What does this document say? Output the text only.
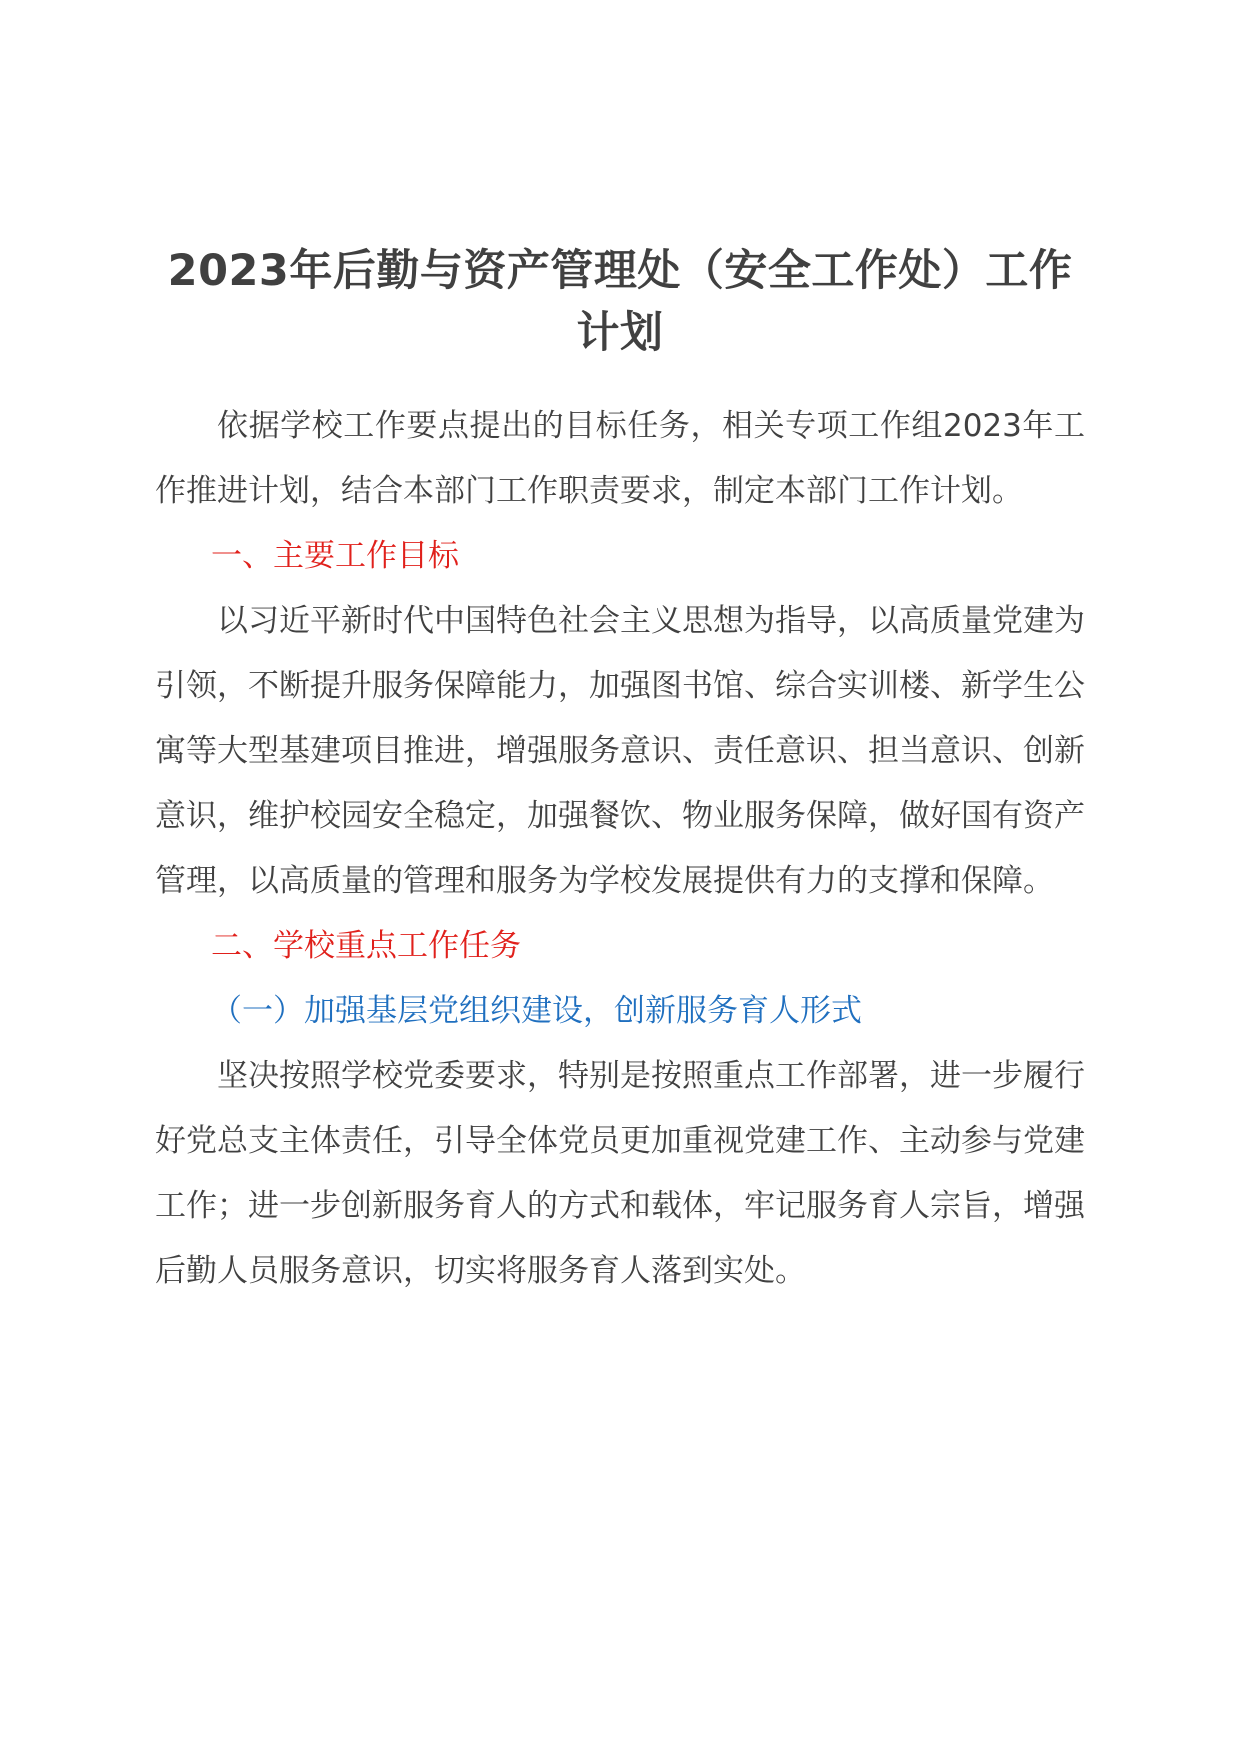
2023年后勤与资产管理处（安全工作处）工作计划

依据学校工作要点提出的目标任务，相关专项工作组2023年工作推进计划，结合本部门工作职责要求，制定本部门工作计划。

一、主要工作目标

以习近平新时代中国特色社会主义思想为指导，以高质量党建为引领，不断提升服务保障能力，加强图书馆、综合实训楼、新学生公寓等大型基建项目推进，增强服务意识、责任意识、担当意识、创新意识，维护校园安全稳定，加强餐饮、物业服务保障，做好国有资产管理，以高质量的管理和服务为学校发展提供有力的支撑和保障。

二、学校重点工作任务

（一）加强基层党组织建设，创新服务育人形式

坚决按照学校党委要求，特别是按照重点工作部署，进一步履行好党总支主体责任，引导全体党员更加重视党建工作、主动参与党建工作；进一步创新服务育人的方式和载体，牢记服务育人宗旨，增强后勤人员服务意识，切实将服务育人落到实处。
